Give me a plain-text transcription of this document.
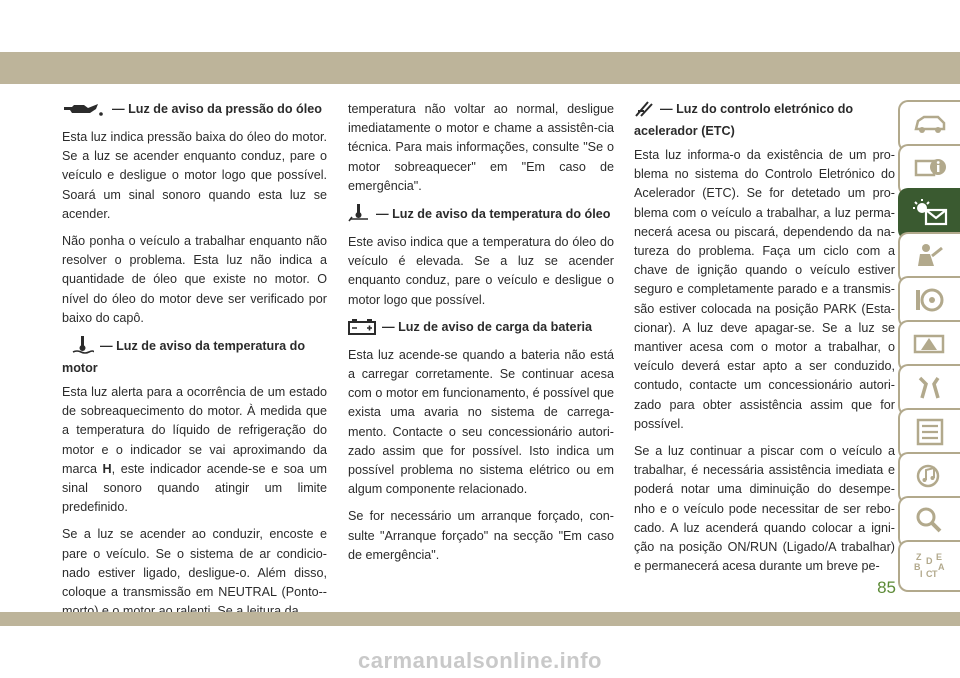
— Luz de aviso da pressão do óleo

Esta luz indica pressão baixa do óleo do motor. Se a luz se acender enquanto conduz, pare o veículo e desligue o motor logo que possível. Soará um sinal sonoro quando esta luz se acender.

Não ponha o veículo a trabalhar enquanto não resolver o problema. Esta luz não indica a quantidade de óleo que existe no motor. O nível do óleo do motor deve ser verificado por baixo do capô.

— Luz de aviso da temperatura do motor

Esta luz alerta para a ocorrência de um estado de sobreaquecimento do motor. À medida que a temperatura do líquido de refrigeração do motor e o indicador se vai aproximando da marca H, este indicador acende-se e soa um sinal sonoro quando atingir um limite predefinido.

Se a luz se acender ao conduzir, encoste e pare o veículo. Se o sistema de ar condicio-nado estiver ligado, desligue-o. Além disso, coloque a transmissão em NEUTRAL (Ponto--

temperatura não voltar ao normal, desligue imediatamente o motor e chame a assistên-cia técnica. Para mais informações, consulte "Se o motor sobreaquecer" em "Em caso de emergência".

— Luz de aviso da temperatura do óleo

Este aviso indica que a temperatura do óleo do veículo é elevada. Se a luz se acender enquanto conduz, pare o veículo e desligue o motor logo que possível.

— Luz de aviso de carga da bateria

Esta luz acende-se quando a bateria não está a carregar corretamente. Se continuar acesa com o motor em funcionamento, é possível que exista uma avaria no sistema de carrega-mento. Contacte o seu concessionário autori-zado assim que for possível. Isto indica um possível problema no sistema elétrico ou em algum componente relacionado.

Se for necessário um arranque forçado, con-sulte "Arranque forçado" na secção "Em caso de emergência".

— Luz do controlo eletrónico do acelerador (ETC)

Esta luz informa-o da existência de um pro-blema no sistema do Controlo Eletrónico do Acelerador (ETC). Se for detetado um pro-blema com o veículo a trabalhar, a luz perma-necerá acesa ou piscará, dependendo da na-tureza do problema. Faça um ciclo com a chave de ignição quando o veículo estiver seguro e completamente parado e a transmis-são estiver colocada na posição PARK (Esta-cionar). A luz deve apagar-se. Se a luz se mantiver acesa com o motor a trabalhar, o veículo deverá estar apto a ser conduzido, contudo, contacte um concessionário autori-zado para obter assistência assim que for possível.

Se a luz continuar a piscar com o veículo a trabalhar, é necessária assistência imediata e poderá notar uma diminuição do desempe-nho e o veículo pode necessitar de ser rebo-cado. A luz acenderá quando colocar a igni-ção na posição ON/RUN (Ligado/A trabalhar) e permanecerá acesa durante um breve pe-

Z E
B A
I C T
D
85
carmanualsonline.info
